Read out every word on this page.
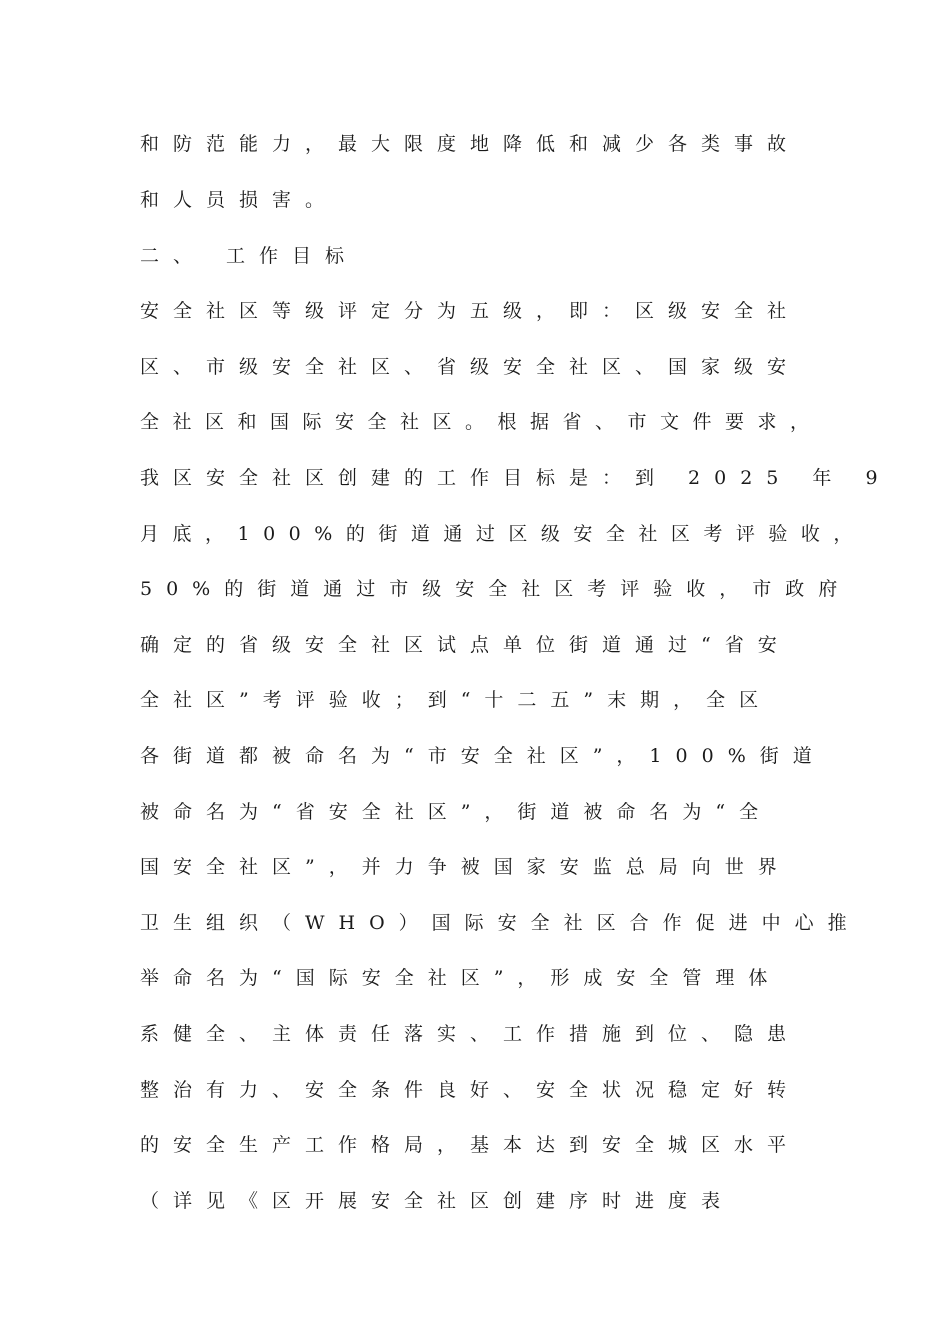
和防范能力，最大限度地降低和减少各类事故
和人员损害。
二、 工作目标
安全社区等级评定分为五级，即：区级安全社
区、市级安全社区、省级安全社区、国家级安
全社区和国际安全社区。根据省、市文件要求，
我区安全社区创建的工作目标是：到 2025 年 9
月底，100%的街道通过区级安全社区考评验收，
50%的街道通过市级安全社区考评验收，市政府
确定的省级安全社区试点单位街道通过“省安
全社区”考评验收；到“十二五”末期，全区
各街道都被命名为“市安全社区”，100%街道
被命名为“省安全社区”，街道被命名为“全
国安全社区”，并力争被国家安监总局向世界
卫生组织（WHO）国际安全社区合作促进中心推
举命名为“国际安全社区”，形成安全管理体
系健全、主体责任落实、工作措施到位、隐患
整治有力、安全条件良好、安全状况稳定好转
的安全生产工作格局，基本达到安全城区水平
（详见《区开展安全社区创建序时进度表
